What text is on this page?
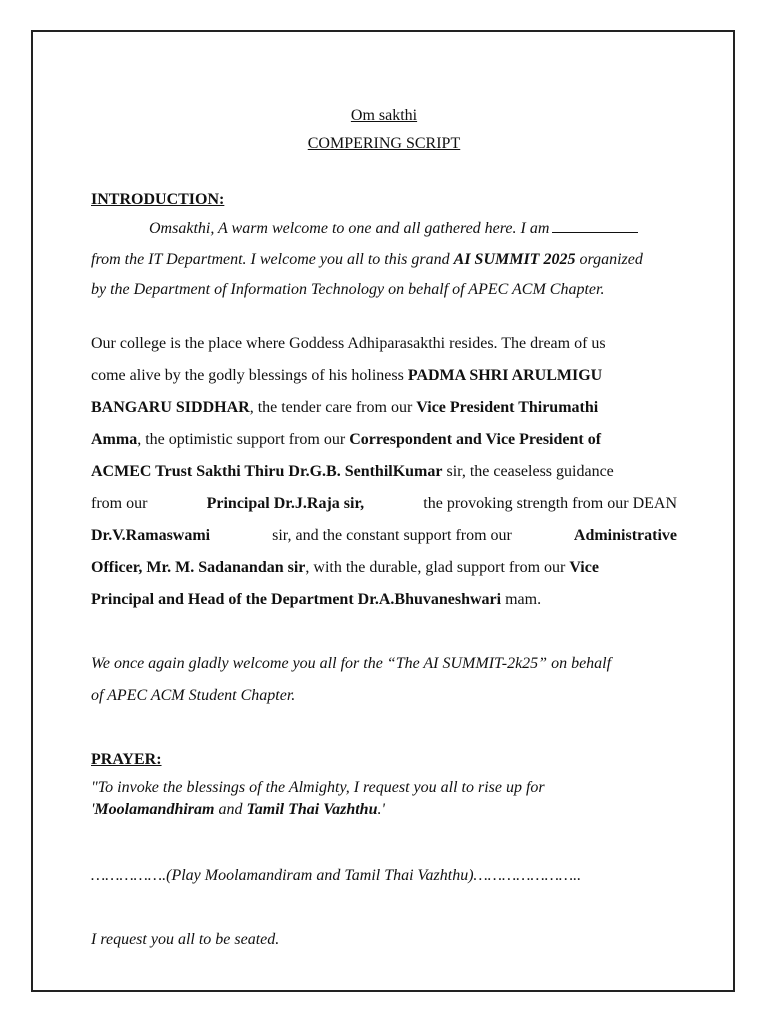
Om sakthi
COMPERING SCRIPT
INTRODUCTION:
Omsakthi, A warm welcome to one and all gathered here. I am
from the IT Department. I welcome you all to this grand AI SUMMIT 2025 organized
by the Department of Information Technology on behalf of APEC ACM Chapter.
Our college is the place where Goddess Adhiparasakthi resides. The dream of us
come alive by the godly blessings of his holiness PADMA SHRI ARULMIGU
BANGARU SIDDHAR, the tender care from our Vice President Thirumathi
Amma, the optimistic support from our Correspondent and Vice President of
ACMEC Trust Sakthi Thiru Dr.G.B. SenthilKumar sir, the ceaseless guidance
from our	Principal Dr.J.Raja sir,	the provoking strength from our DEAN
Dr.V.Ramaswami	sir, and the constant support from our	Administrative
Officer, Mr. M. Sadanandan sir, with the durable, glad support from our Vice
Principal and Head of the Department Dr.A.Bhuvaneshwari mam.
We once again gladly welcome you all for the “The AI SUMMIT-2k25” on behalf
of APEC ACM Student Chapter.
PRAYER:
"To invoke the blessings of the Almighty, I request you all to rise up for
'Moolamandhiram and Tamil Thai Vazhthu.'
…………….(Play Moolamandiram and Tamil Thai Vazhthu)…………………..
I request you all to be seated.
